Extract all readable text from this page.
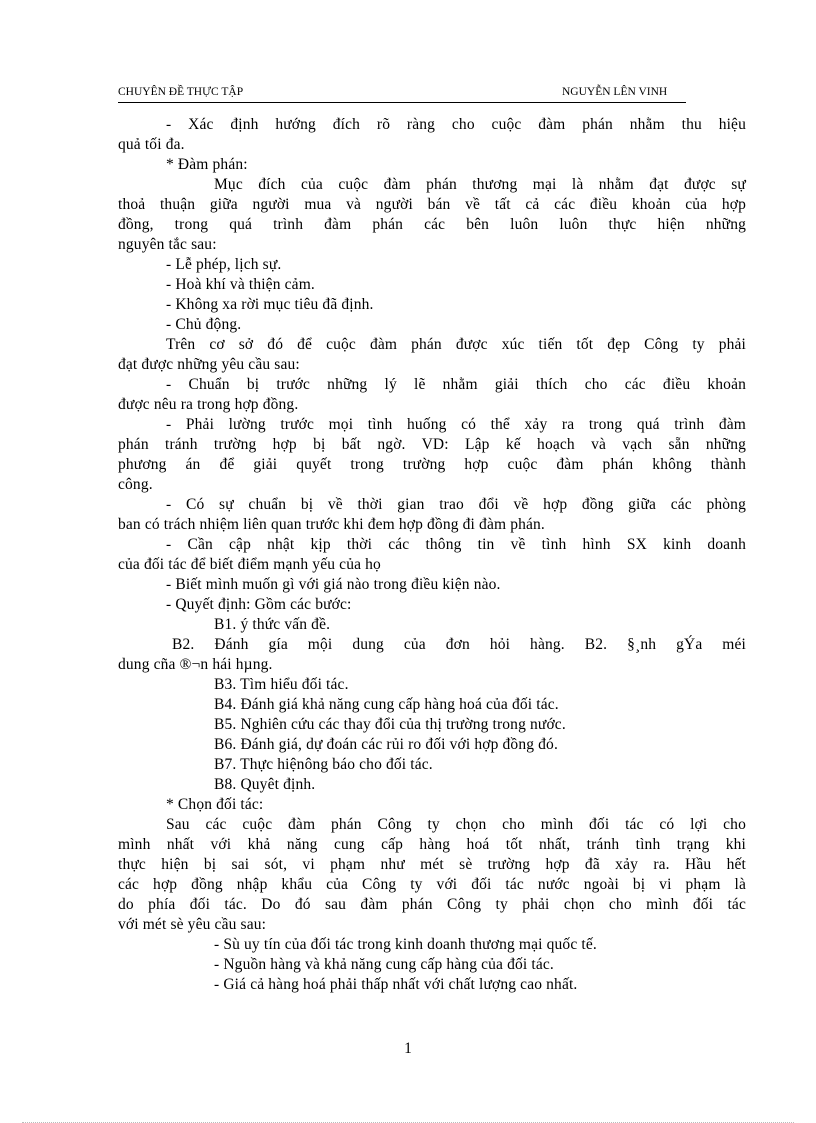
CHUYÊN ĐỀ THỰC TẬP	NGUYỄN LÊN VINH
- Xác định hướng đích rõ ràng cho cuộc đàm phán nhằm thu hiệu
quả tối đa.
* Đàm phán:
Mục đích của cuộc đàm phán thương mại là nhằm đạt được sự
thoả thuận giữa người mua và người bán về tất cả các điều khoản của hợp
đồng, trong quá trình đàm phán các bên luôn luôn thực hiện những
nguyên tắc sau:
- Lễ phép, lịch sự.
- Hoà khí và thiện cảm.
- Không xa rời mục tiêu đã định.
- Chủ động.
Trên cơ sở đó để cuộc đàm phán được xúc tiến tốt đẹp Công ty phải
đạt được những yêu cầu sau:
- Chuẩn bị trước những lý lẽ nhằm giải thích cho các điều khoản
được nêu ra trong hợp đồng.
- Phải lường trước mọi tình huống có thể xảy ra trong quá trình đàm
phán tránh trường hợp bị bất ngờ. VD: Lập kế hoạch và vạch sẵn những
phương án để giải quyết trong trường hợp cuộc đàm phán không thành
công.
- Có sự chuẩn bị về thời gian trao đổi về hợp đồng giữa các phòng
ban có trách nhiệm liên quan trước khi đem hợp đồng đi đàm phán.
- Cần cập nhật kịp thời các thông tin về tình hình SX kinh doanh
của đối tác để biết điểm mạnh yếu của họ
- Biết mình muốn gì với giá nào trong điều kiện nào.
- Quyết định: Gồm các bước:
B1. ý thức vấn đề.
B2. Đánh gía mội dung của đơn hỏi hàng. B2. §¸nh gÝa méi
dung cña ®¬n hái hµng.
B3. Tìm hiểu đối tác.
B4. Đánh giá khả năng cung cấp hàng hoá của đối tác.
B5. Nghiên cứu các thay đổi của thị trường trong nước.
B6. Đánh giá, dự đoán các rủi ro đối với hợp đồng đó.
B7. Thực hiệnông báo cho đối tác.
B8. Quyêt định.
* Chọn đối tác:
Sau các cuộc đàm phán Công ty chọn cho mình đối tác có lợi cho
mình nhất với khả năng cung cấp hàng hoá tốt nhất, tránh tình trạng khi
thực hiện bị sai sót, vi phạm như mét sè trường hợp đã xảy ra. Hầu hết
các hợp đồng nhập khẩu của Công ty với đối tác nước ngoài bị vi phạm là
do phía đối tác. Do đó sau đàm phán Công ty phải chọn cho mình đối tác
với mét sè yêu cầu sau:
- Sù uy tín của đối tác trong kinh doanh thương mại quốc tế.
- Nguồn hàng và khả năng cung cấp hàng của đối tác.
- Giá cả hàng hoá phải thấp nhất với chất lượng cao nhất.
1
